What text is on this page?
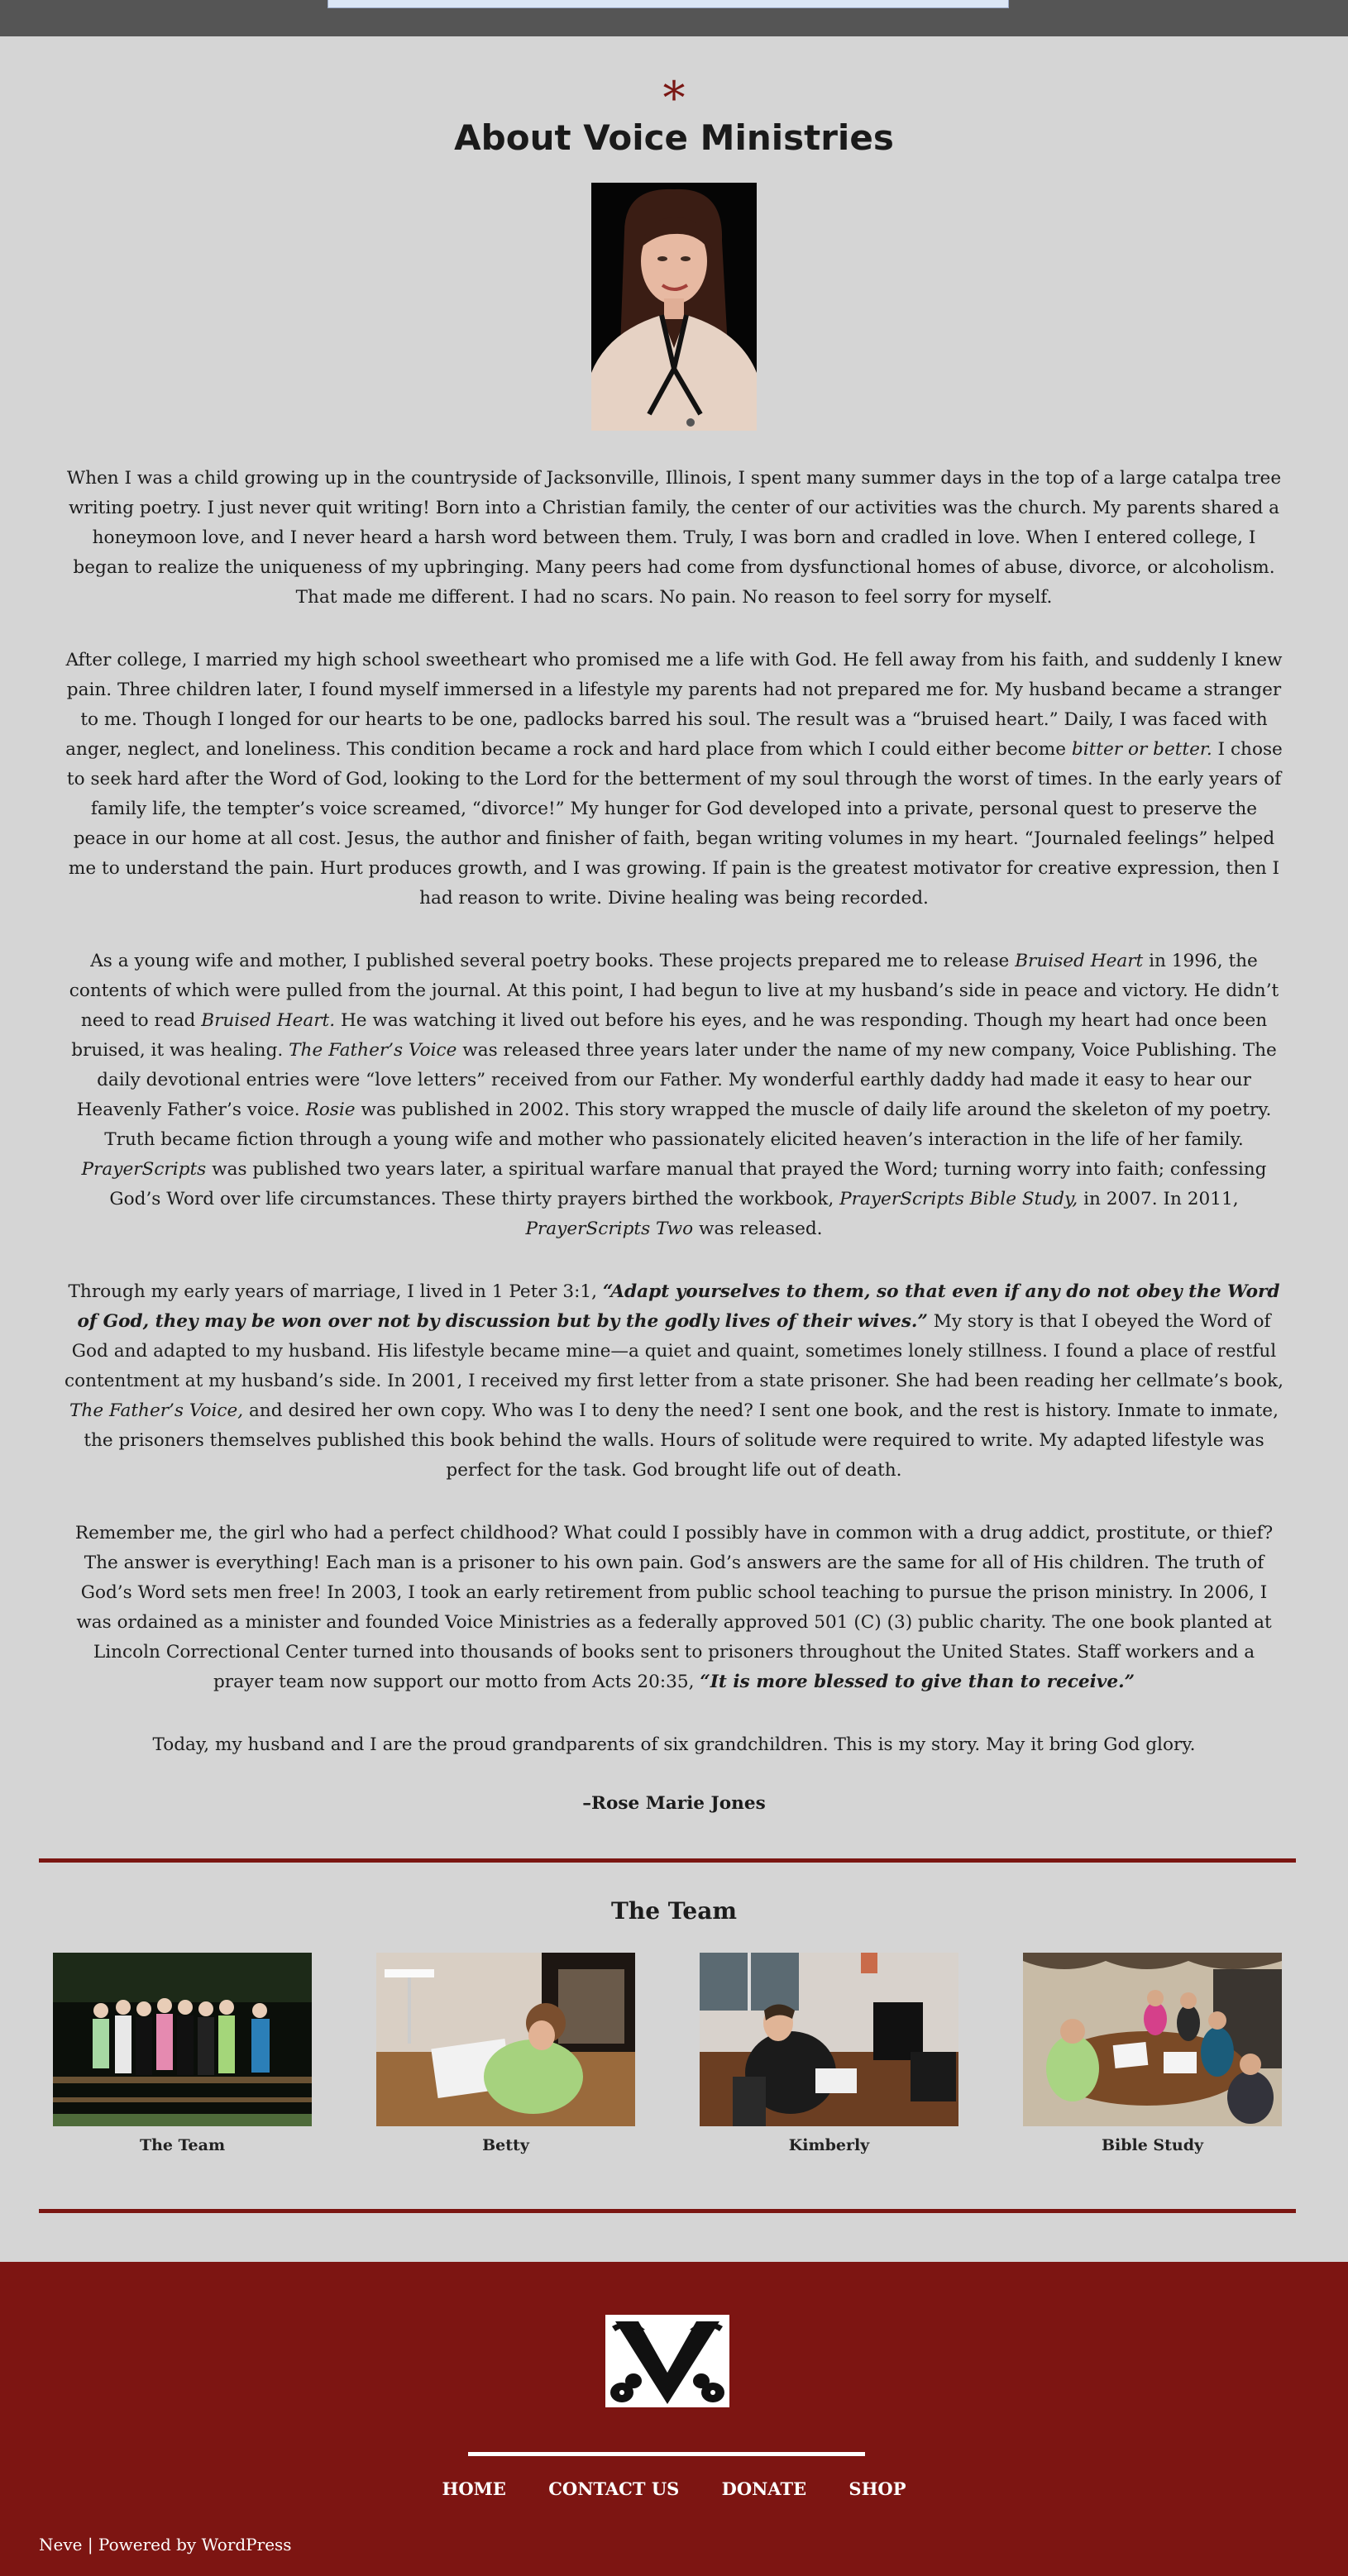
*
About Voice Ministries

When I was a child growing up in the countryside of Jacksonville, Illinois, I spent many summer days in the top of a large catalpa tree writing poetry. I just never quit writing! Born into a Christian family, the center of our activities was the church. My parents shared a honeymoon love, and I never heard a harsh word between them. Truly, I was born and cradled in love. When I entered college, I began to realize the uniqueness of my upbringing. Many peers had come from dysfunctional homes of abuse, divorce, or alcoholism. That made me different. I had no scars. No pain. No reason to feel sorry for myself.

After college, I married my high school sweetheart who promised me a life with God. He fell away from his faith, and suddenly I knew pain. Three children later, I found myself immersed in a lifestyle my parents had not prepared me for. My husband became a stranger to me. Though I longed for our hearts to be one, padlocks barred his soul. The result was a “bruised heart.” Daily, I was faced with anger, neglect, and loneliness. This condition became a rock and hard place from which I could either become bitter or better. I chose to seek hard after the Word of God, looking to the Lord for the betterment of my soul through the worst of times. In the early years of family life, the tempter’s voice screamed, “divorce!” My hunger for God developed into a private, personal quest to preserve the peace in our home at all cost. Jesus, the author and finisher of faith, began writing volumes in my heart. “Journaled feelings” helped me to understand the pain. Hurt produces growth, and I was growing. If pain is the greatest motivator for creative expression, then I had reason to write. Divine healing was being recorded.

As a young wife and mother, I published several poetry books. These projects prepared me to release Bruised Heart in 1996, the contents of which were pulled from the journal. At this point, I had begun to live at my husband’s side in peace and victory. He didn’t need to read Bruised Heart. He was watching it lived out before his eyes, and he was responding. Though my heart had once been bruised, it was healing. The Father’s Voice was released three years later under the name of my new company, Voice Publishing. The daily devotional entries were “love letters” received from our Father. My wonderful earthly daddy had made it easy to hear our Heavenly Father’s voice. Rosie was published in 2002. This story wrapped the muscle of daily life around the skeleton of my poetry. Truth became fiction through a young wife and mother who passionately elicited heaven’s interaction in the life of her family. PrayerScripts was published two years later, a spiritual warfare manual that prayed the Word; turning worry into faith; confessing God’s Word over life circumstances. These thirty prayers birthed the workbook, PrayerScripts Bible Study, in 2007. In 2011, PrayerScripts Two was released.

Through my early years of marriage, I lived in 1 Peter 3:1, “Adapt yourselves to them, so that even if any do not obey the Word of God, they may be won over not by discussion but by the godly lives of their wives.” My story is that I obeyed the Word of God and adapted to my husband. His lifestyle became mine—a quiet and quaint, sometimes lonely stillness. I found a place of restful contentment at my husband’s side. In 2001, I received my first letter from a state prisoner. She had been reading her cellmate’s book, The Father’s Voice, and desired her own copy. Who was I to deny the need? I sent one book, and the rest is history. Inmate to inmate, the prisoners themselves published this book behind the walls. Hours of solitude were required to write. My adapted lifestyle was perfect for the task. God brought life out of death.

Remember me, the girl who had a perfect childhood? What could I possibly have in common with a drug addict, prostitute, or thief? The answer is everything! Each man is a prisoner to his own pain. God’s answers are the same for all of His children. The truth of God’s Word sets men free! In 2003, I took an early retirement from public school teaching to pursue the prison ministry. In 2006, I was ordained as a minister and founded Voice Ministries as a federally approved 501 (C) (3) public charity. The one book planted at Lincoln Correctional Center turned into thousands of books sent to prisoners throughout the United States. Staff workers and a prayer team now support our motto from Acts 20:35, “It is more blessed to give than to receive.”

Today, my husband and I are the proud grandparents of six grandchildren. This is my story. May it bring God glory.

–Rose Marie Jones
The Team
The Team	Betty	Kimberly	Bible Study
HOME CONTACT US DONATE SHOP
Neve | Powered by WordPress
